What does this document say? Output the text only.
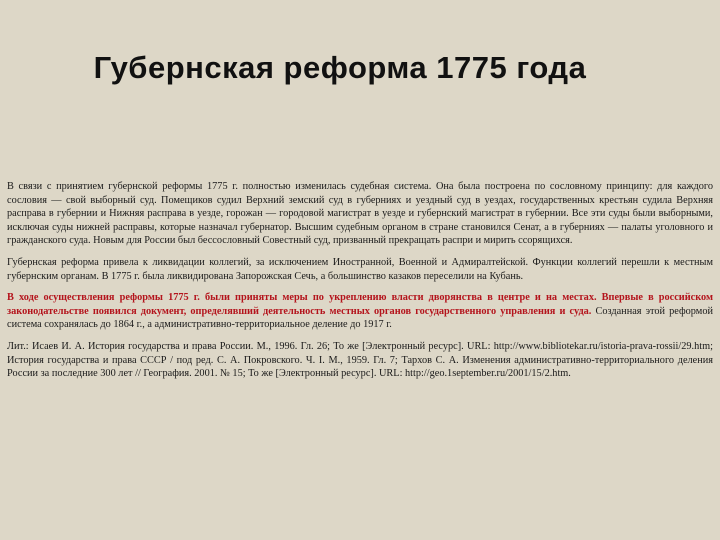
Губернская реформа 1775 года

В связи с принятием губернской реформы 1775 г. полностью изменилась судебная система. Она была построена по сословному принципу: для каждого сословия — свой выборный суд. Помещиков судил Верхний земский суд в губерниях и уездный суд в уездах, государственных крестьян судила Верхняя расправа в губернии и Нижняя расправа в уезде, горожан — городовой магистрат в уезде и губернский магистрат в губернии. Все эти суды были выборными, исключая суды нижней расправы, которые назначал губернатор. Высшим судебным органом в стране становился Сенат, а в губерниях — палаты уголовного и гражданского суда. Новым для России был бессословный Совестный суд, призванный прекращать распри и мирить ссорящихся.

Губернская реформа привела к ликвидации коллегий, за исключением Иностранной, Военной и Адмиралтейской. Функции коллегий перешли к местным губернским органам. В 1775 г. была ликвидирована Запорожская Сечь, а большинство казаков переселили на Кубань.

В ходе осуществления реформы 1775 г. были приняты меры по укреплению власти дворянства в центре и на местах. Впервые в российском законодательстве появился документ, определявший деятельность местных органов государственного управления и суда. Созданная этой реформой система сохранялась до 1864 г., а административно-территориальное деление до 1917 г.

Лит.: Исаев И. А. История государства и права России. М., 1996. Гл. 26; То же [Электронный ресурс]. URL: http://www.bibliotekar.ru/istoria-prava-rossii/29.htm; История государства и права СССР / под ред. С. А. Покровского. Ч. I. М., 1959. Гл. 7; Тархов С. А. Изменения административно-территориального деления России за последние 300 лет // География. 2001. № 15; То же [Электронный ресурс]. URL: http://geo.1september.ru/2001/15/2.htm.
